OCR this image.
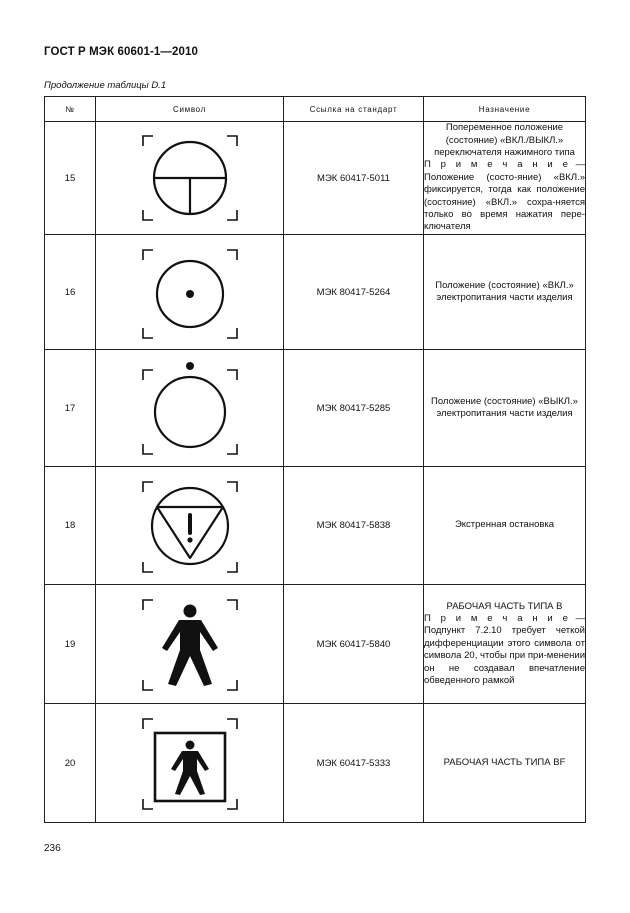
ГОСТ Р МЭК 60601-1—2010
Продолжение таблицы D.1
№	Символ	Ссылка на стандарт	Назначение
15		МЭК 60417-5011	Попеременное положение
(состояние) «ВКЛ./ВЫКЛ.»
переключателя нажимного типа
П р и м е ч а н и е — Положение (состо-яние) «ВКЛ.» фиксируется, тогда как положение (состояние) «ВКЛ.» сохра-няется только во время нажатия пере-ключателя

16		МЭК 80417-5264	Положение (состояние) «ВКЛ.»
электропитания части изделия

17		МЭК 80417-5285	Положение (состояние) «ВЫКЛ.»
электропитания части изделия

18		МЭК 80417-5838	Экстренная остановка

19		МЭК 60417-5840	РАБОЧАЯ ЧАСТЬ ТИПА B
П р и м е ч а н и е — Подпункт 7.2.10 требует четкой дифференциации этого символа от символа 20, чтобы при при-менении он не создавал впечатление обведенного рамкой

20		МЭК 60417-5333	РАБОЧАЯ ЧАСТЬ ТИПА BF
236
